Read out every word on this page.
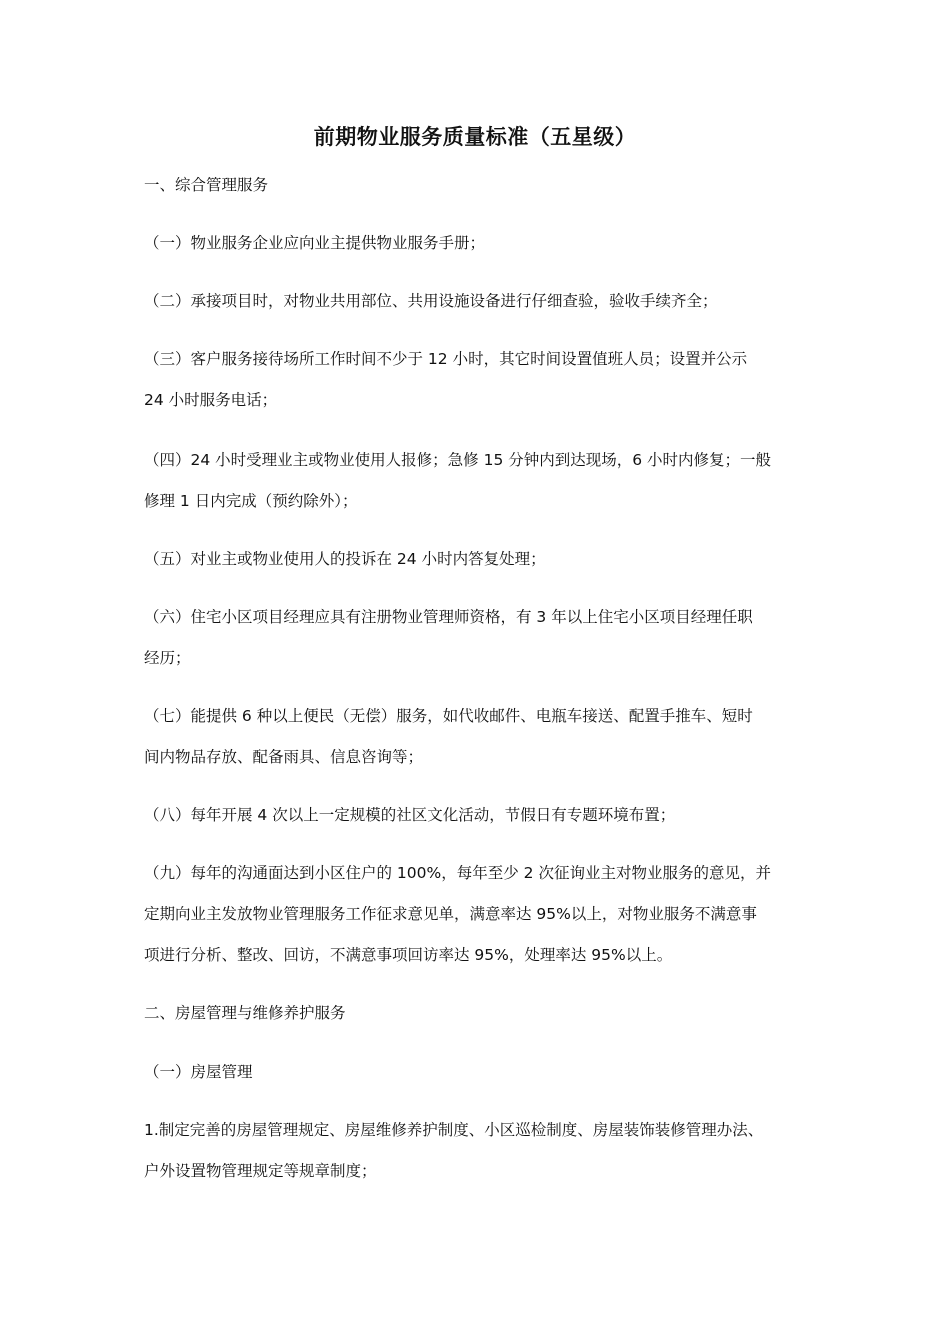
前期物业服务质量标准（五星级）
一、综合管理服务
（一）物业服务企业应向业主提供物业服务手册；
（二）承接项目时，对物业共用部位、共用设施设备进行仔细查验，验收手续齐全；
（三）客户服务接待场所工作时间不少于 12 小时，其它时间设置值班人员；设置并公示
24 小时服务电话；
（四）24 小时受理业主或物业使用人报修；急修 15 分钟内到达现场，6 小时内修复；一般
修理 1 日内完成（预约除外）；
（五）对业主或物业使用人的投诉在 24 小时内答复处理；
（六）住宅小区项目经理应具有注册物业管理师资格，有 3 年以上住宅小区项目经理任职
经历；
（七）能提供 6 种以上便民（无偿）服务，如代收邮件、电瓶车接送、配置手推车、短时
间内物品存放、配备雨具、信息咨询等；
（八）每年开展 4 次以上一定规模的社区文化活动，节假日有专题环境布置；
（九）每年的沟通面达到小区住户的 100%，每年至少 2 次征询业主对物业服务的意见，并
定期向业主发放物业管理服务工作征求意见单，满意率达 95%以上，对物业服务不满意事
项进行分析、整改、回访，不满意事项回访率达 95%，处理率达 95%以上。
二、房屋管理与维修养护服务
（一）房屋管理
1.制定完善的房屋管理规定、房屋维修养护制度、小区巡检制度、房屋装饰装修管理办法、
户外设置物管理规定等规章制度；
